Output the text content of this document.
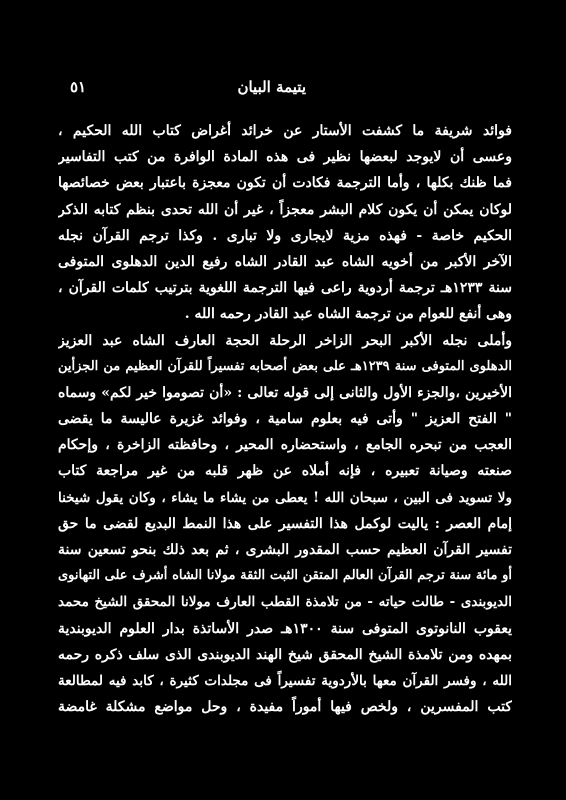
يتيمة البيان
٥١
فوائد شريفة ما كشفت الأستار عن خرائد أغراض كتاب الله الحكيم ،
وعسى أن لايوجد لبعضها نظير فى هذه المادة الوافرة من كتب التفاسير
فما ظنك بكلها ، وأما الترجمة فكادت أن تكون معجزة باعتبار بعض خصائصها
لوكان يمكن أن يكون كلام البشر معجزاً ، غير أن الله تحدى بنظم كتابه الذكر
الحكيم خاصة - فهذه مزية لايجارى ولا تبارى . وكذا ترجم القرآن نجله
الآخر الأكبر من أخويه الشاه عبد القادر الشاه رفيع الدين الدهلوى المتوفى
سنة ١٢٣٣هـ ترجمة أردوية راعى فيها الترجمة اللغوية بترتيب كلمات القرآن ،
وهى أنفع للعوام من ترجمة الشاه عبد القادر رحمه الله .
وأملى نجله الأكبر البحر الزاخر الرحلة الحجة العارف الشاه عبد العزيز
الدهلوى المتوفى سنة ١٢٣٩هـ على بعض أصحابه تفسيراً للقرآن العظيم من الجزأين
الأخيرين ،والجزء الأول والثانى إلى قوله تعالى : «أن تصوموا خير لكم» وسماه
" الفتح العزيز " وأتى فيه بعلوم سامية ، وفوائد غزيرة عاليسة ما يقضى
العجب من تبحره الجامع ، واستحضاره المحير ، وحافظته الزاخرة ، وإحكام
صنعته وصيانة تعبيره ، فإنه أملاه عن ظهر قلبه من غير مراجعة كتاب
ولا تسويد فى البين ، سبحان الله ! يعطى من يشاء ما يشاء ، وكان يقول شيخنا
إمام العصر : ياليت لوكمل هذا التفسير على هذا النمط البديع لقضى ما حق
تفسير القرآن العظيم حسب المقدور البشرى ، ثم بعد ذلك بنحو تسعين سنة
أو مائة سنة ترجم القرآن العالم المتقن الثبت الثقة مولانا الشاه أشرف على التهانوى
الديوبندى - طالت حياته - من تلامذة القطب العارف مولانا المحقق الشيخ محمد
يعقوب النانوتوى المتوفى سنة ١٣٠٠هـ صدر الأساتذة بدار العلوم الديوبندية
بمهده ومن تلامذة الشيخ المحقق شيخ الهند الديوبندى الذى سلف ذكره رحمه
الله ، وفسر القرآن معها بالأردوية تفسيراً فى مجلدات كثيرة ، كابد فيه لمطالعة
كتب المفسرين ، ولخص فيها أموراً مفيدة ، وحل مواضع مشكلة غامضة
